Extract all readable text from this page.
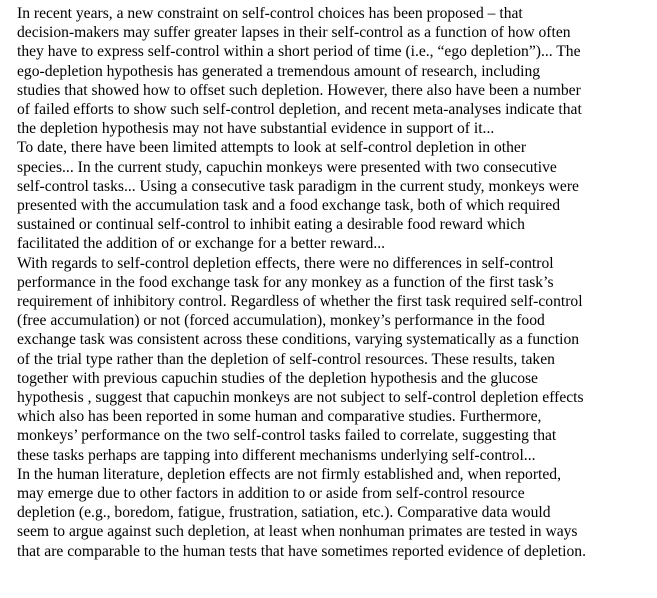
In recent years, a new constraint on self-control choices has been proposed – that
decision-makers may suffer greater lapses in their self-control as a function of how often
they have to express self-control within a short period of time (i.e., “ego depletion”)... The
ego-depletion hypothesis has generated a tremendous amount of research, including
studies that showed how to offset such depletion. However, there also have been a number
of failed efforts to show such self-control depletion, and recent meta-analyses indicate that
the depletion hypothesis may not have substantial evidence in support of it...

To date, there have been limited attempts to look at self-control depletion in other
species... In the current study, capuchin monkeys were presented with two consecutive
self-control tasks... Using a consecutive task paradigm in the current study, monkeys were
presented with the accumulation task and a food exchange task, both of which required
sustained or continual self-control to inhibit eating a desirable food reward which
facilitated the addition of or exchange for a better reward...

With regards to self-control depletion effects, there were no differences in self-control
performance in the food exchange task for any monkey as a function of the first task’s
requirement of inhibitory control. Regardless of whether the first task required self-control
(free accumulation) or not (forced accumulation), monkey’s performance in the food
exchange task was consistent across these conditions, varying systematically as a function
of the trial type rather than the depletion of self-control resources. These results, taken
together with previous capuchin studies of the depletion hypothesis and the glucose
hypothesis , suggest that capuchin monkeys are not subject to self-control depletion effects
which also has been reported in some human and comparative studies. Furthermore,
monkeys’ performance on the two self-control tasks failed to correlate, suggesting that
these tasks perhaps are tapping into different mechanisms underlying self-control...

In the human literature, depletion effects are not firmly established and, when reported,
may emerge due to other factors in addition to or aside from self-control resource
depletion (e.g., boredom, fatigue, frustration, satiation, etc.). Comparative data would
seem to argue against such depletion, at least when nonhuman primates are tested in ways
that are comparable to the human tests that have sometimes reported evidence of depletion.
